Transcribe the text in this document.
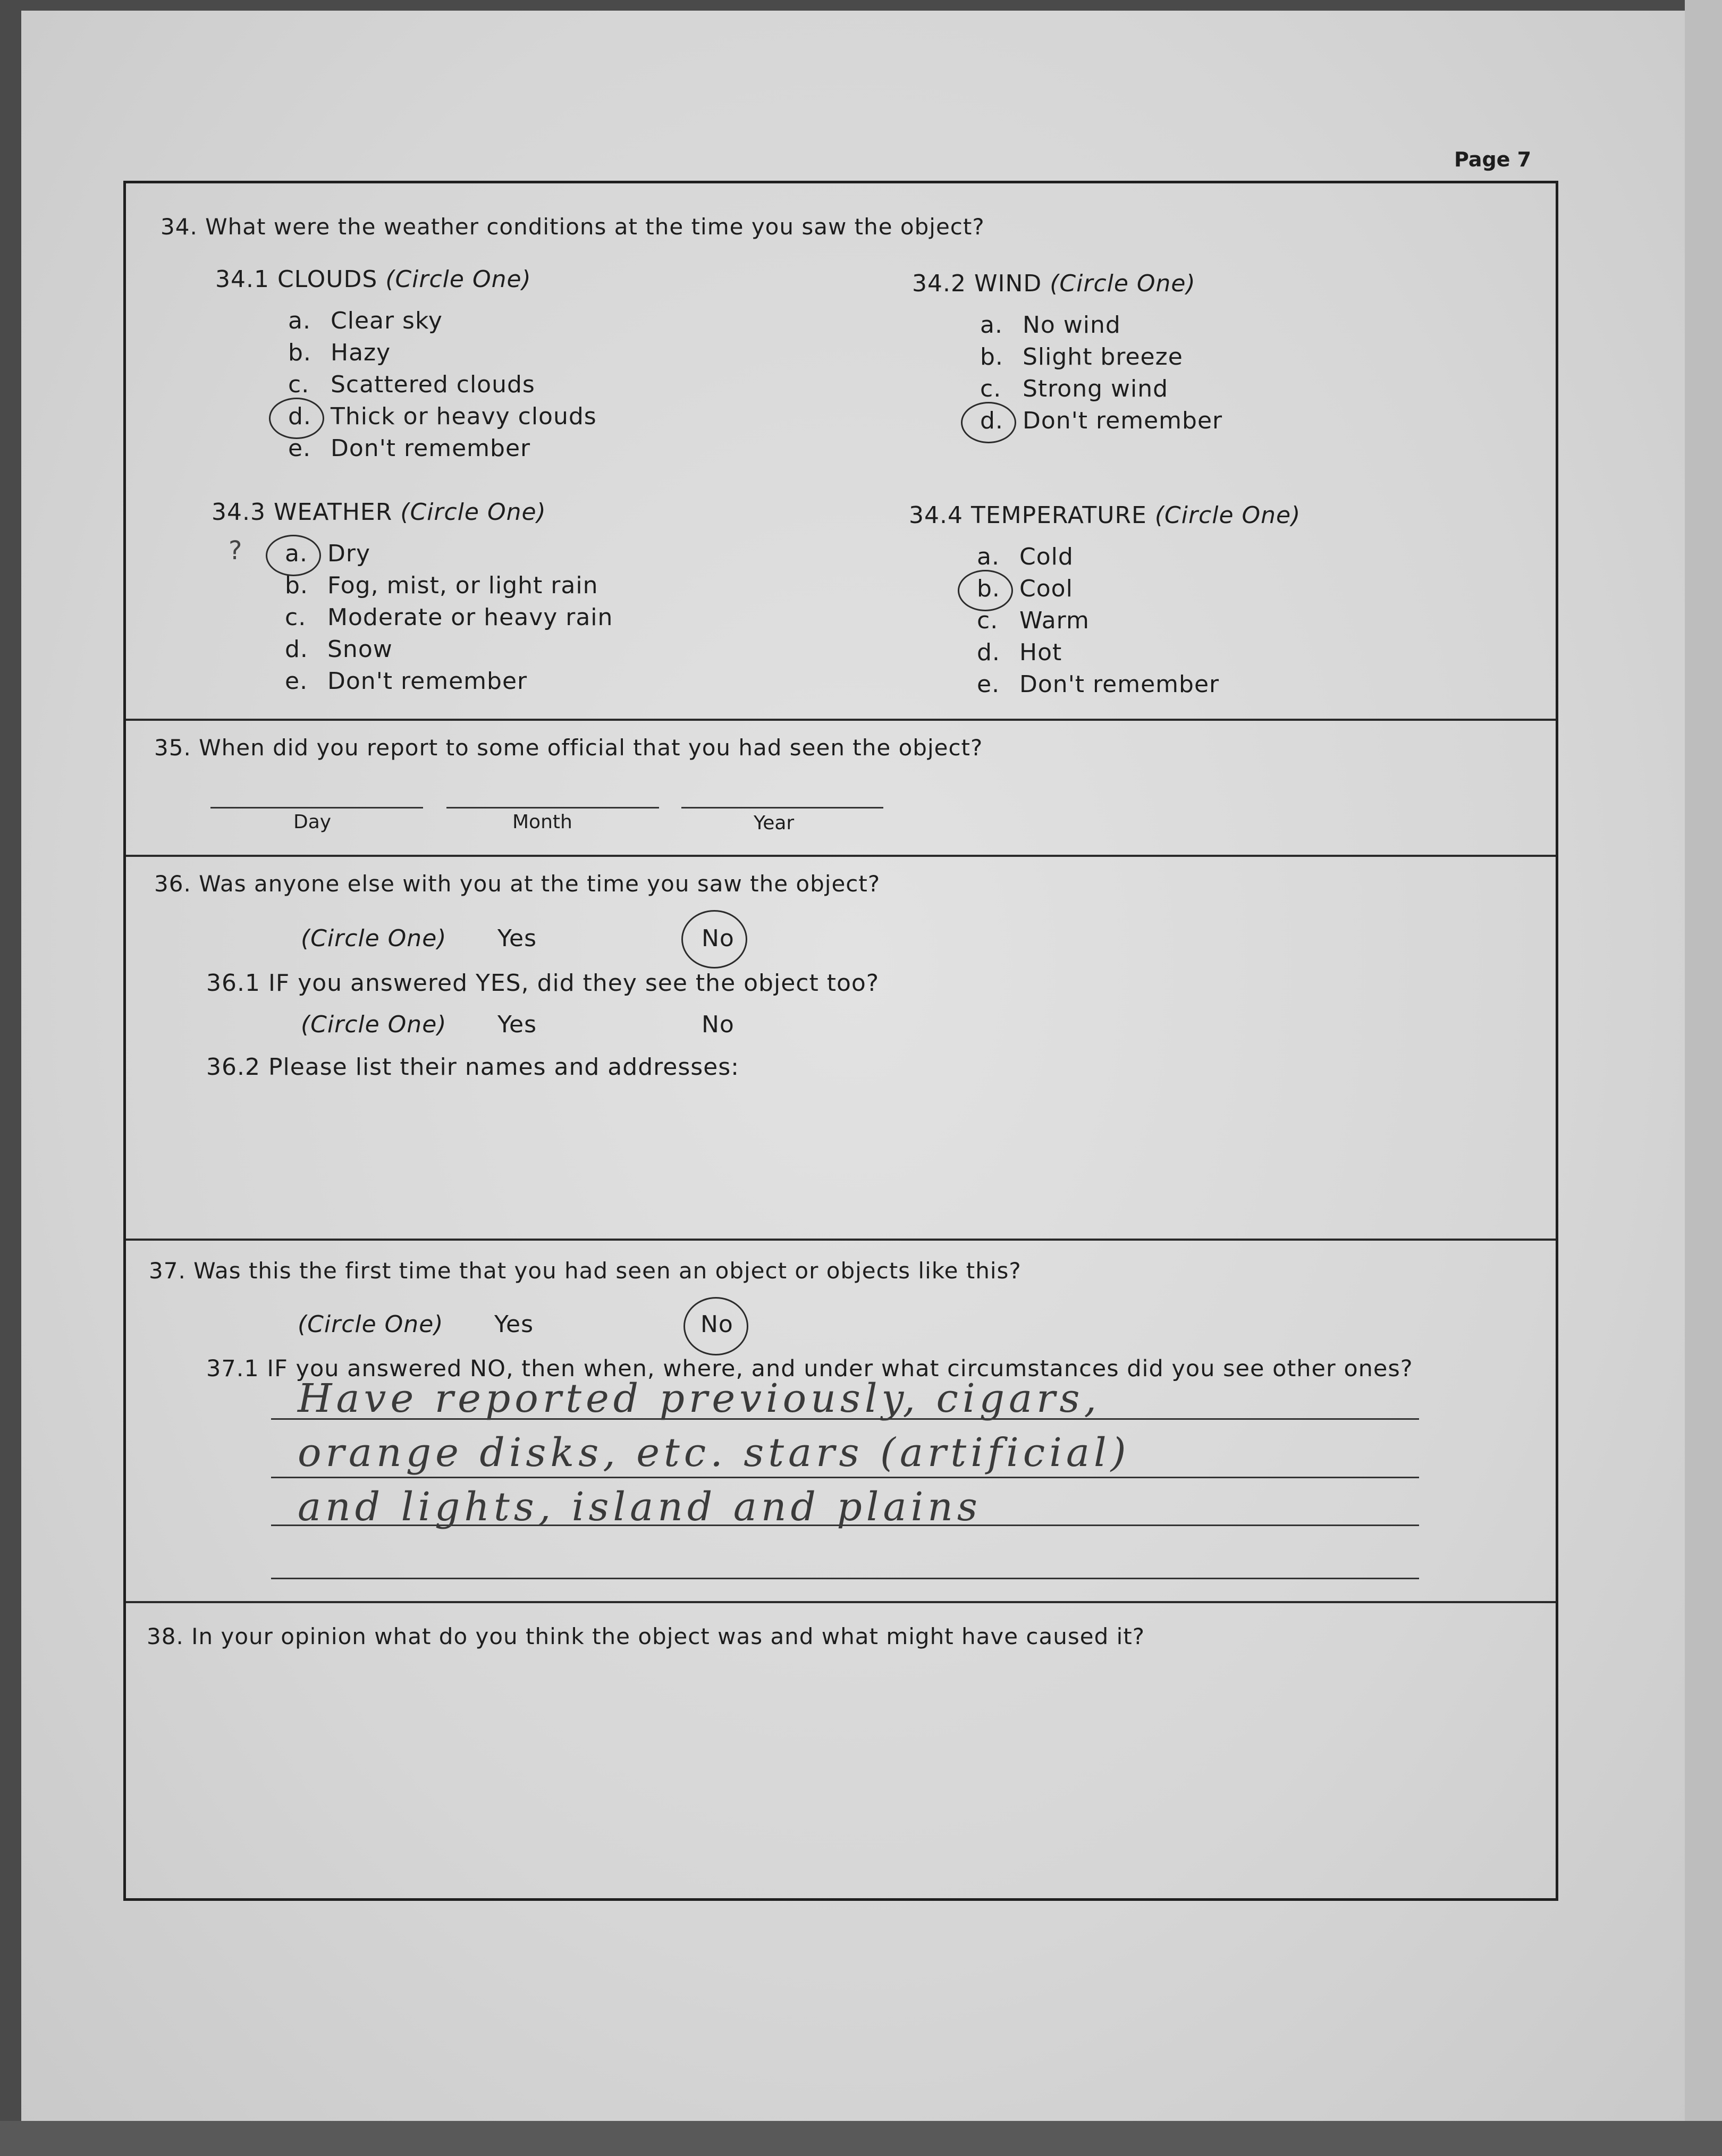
Page 7
34. What were the weather conditions at the time you saw the object?
34.1 CLOUDS (Circle One)
a. Clear sky
b. Hazy
c. Scattered clouds
d. Thick or heavy clouds
e. Don't remember
34.2 WIND (Circle One)
a. No wind
b. Slight breeze
c. Strong wind
d. Don't remember
34.3 WEATHER (Circle One)
? a. Dry
b. Fog, mist, or light rain
c. Moderate or heavy rain
d. Snow
e. Don't remember
34.4 TEMPERATURE (Circle One)
a. Cold
b. Cool
c. Warm
d. Hot
e. Don't remember
35. When did you report to some official that you had seen the object?
Day	Month	Year
36. Was anyone else with you at the time you saw the object?
(Circle One) Yes	No
36.1 IF you answered YES, did they see the object too?
(Circle One) Yes	No
36.2 Please list their names and addresses:
37. Was this the first time that you had seen an object or objects like this?
(Circle One) Yes	No
37.1 IF you answered NO, then when, where, and under what circumstances did you see other ones?
Have reported previously, cigars,
orange disks, etc. stars (artificial)
and lights, island and plains
38. In your opinion what do you think the object was and what might have caused it?
